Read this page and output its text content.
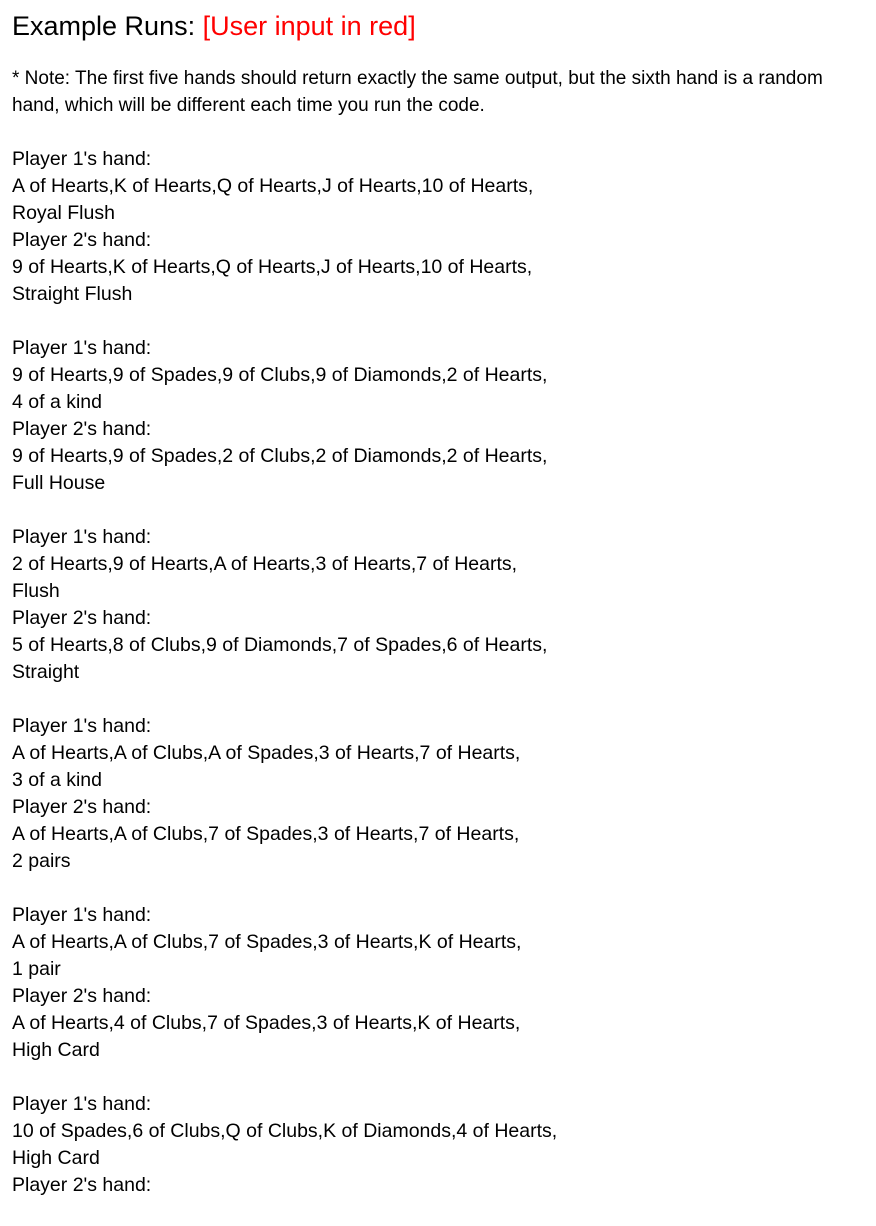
Example Runs: [User input in red]

* Note: The first five hands should return exactly the same output, but the sixth hand is a random hand, which will be different each time you run the code.

Player 1's hand:
A of Hearts,K of Hearts,Q of Hearts,J of Hearts,10 of Hearts,
Royal Flush
Player 2's hand:
9 of Hearts,K of Hearts,Q of Hearts,J of Hearts,10 of Hearts,
Straight Flush
Player 1's hand:
9 of Hearts,9 of Spades,9 of Clubs,9 of Diamonds,2 of Hearts,
4 of a kind
Player 2's hand:
9 of Hearts,9 of Spades,2 of Clubs,2 of Diamonds,2 of Hearts,
Full House
Player 1's hand:
2 of Hearts,9 of Hearts,A of Hearts,3 of Hearts,7 of Hearts,
Flush
Player 2's hand:
5 of Hearts,8 of Clubs,9 of Diamonds,7 of Spades,6 of Hearts,
Straight
Player 1's hand:
A of Hearts,A of Clubs,A of Spades,3 of Hearts,7 of Hearts,
3 of a kind
Player 2's hand:
A of Hearts,A of Clubs,7 of Spades,3 of Hearts,7 of Hearts,
2 pairs
Player 1's hand:
A of Hearts,A of Clubs,7 of Spades,3 of Hearts,K of Hearts,
1 pair
Player 2's hand:
A of Hearts,4 of Clubs,7 of Spades,3 of Hearts,K of Hearts,
High Card
Player 1's hand:
10 of Spades,6 of Clubs,Q of Clubs,K of Diamonds,4 of Hearts,
High Card
Player 2's hand:
